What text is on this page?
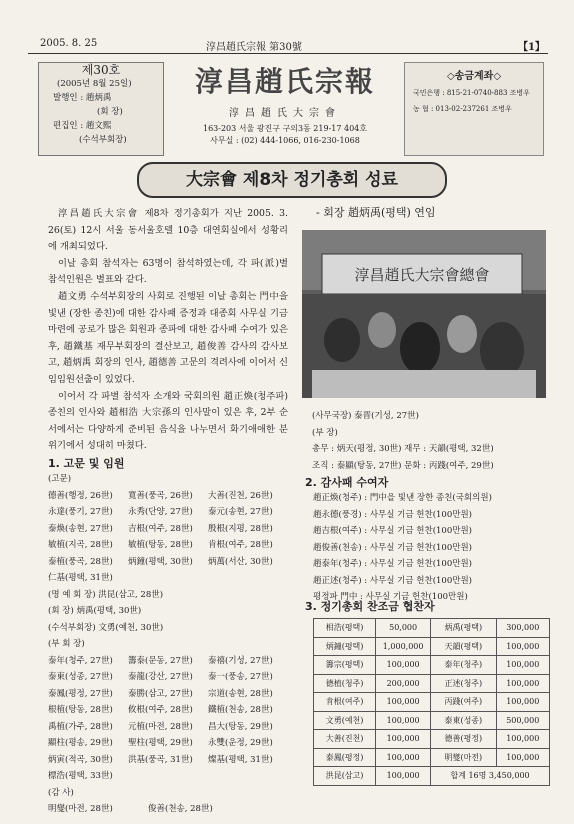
2005. 8. 25	淳昌趙氏宗報 第30號	【1】
제30호
(2005년 8월 25일)
발행인 : 趙炳禹
(회 장)
편집인 : 趙文熙
(수석부회장)
淳昌趙氏宗報
淳昌趙氏大宗會
163-203 서울 광진구 구의3동 219-17 404호
사무실 : (02) 444-1066, 016-230-1068
◇송금계좌◇
국민은행 : 815-21-0740-883 조병우
농 협 : 013-02-237261 조병우
大宗會 제8차 정기총회 성료

淳昌趙氏大宗會 제8차 정기총회가 지난 2005. 3. 26(토) 12시 서울 동서울호텔 10층 대연회실에서 성황리에 개최되었다.

이날 총회 참석자는 63명이 참석하였는데, 각 파(派)별 참석인원은 별표와 같다.

趙文勇 수석부회장의 사회로 진행된 이날 총회는 門中을 빛낸 (장한 종친)에 대한 감사패 증정과 대종회 사무실 기금 마련에 공로가 많은 회원과 종파에 대한 감사패 수여가 있은 후, 趙鐵基 재무부회장의 결산보고, 趙俊善 감사의 감사보고, 趙炳禹 회장의 인사, 趙德善 고문의 격려사에 이어서 신임임원선출이 있었다.

이어서 각 파별 참석자 소개와 국회의원 趙正煥(청주파) 종친의 인사와 趙相浩 大宗孫의 인사말이 있은 후, 2부 순서에서는 다양하게 준비된 음식을 나누면서 화기애애한 분위기에서 성대히 마쳤다.

- 회장 趙炳禹(평택) 연임
淳昌趙氏大宗會總會
(사무국장) 泰晋(기성, 27世)
(부 장)
총무 : 炳天(평정, 30世) 재무 : 天韻(평택, 32世)
조직 : 泰顯(탕동, 27世) 문화 : 丙踐(여주, 29世)
1. 고문 및 임원
(고문)
德善(행정, 26世)	寬善(풍곡, 26世)	大善(진천, 26世)
永達(풍기, 27世)	永秀(단양, 27世)	泰元(송현, 27世)
泰煥(송현, 27世)	吉根(여주, 28世)	殷根(지평, 28世)
敏植(지곡, 28世)	敏植(탕동, 28世)	肯根(여주, 28世)
泰植(풍곡, 28世)	炳鐘(평택, 30世)	炳萬(서산, 30世)
仁基(평택, 31世)
(명 예 회 장) 洪昆(삼고, 28世)
(회 장) 炳禹(평택, 30世)
(수석부회장) 文勇(예천, 30世)
(부 회 장)
泰年(청주, 27世)	籌泰(문동, 27世)	泰禧(기성, 27世)
泰東(성종, 27世)	泰龍(강산, 27世)	泰一(풍송, 27世)
泰鳳(평정, 27世)	泰勝(삼고, 27世)	宗道(송현, 28世)
根植(탕동, 28世)	攸根(여주, 28世)	鐵植(천송, 28世)
禹植(가주, 28世)	元植(마전, 28世)	昌大(탕동, 29世)
顯柱(평송, 29世)	聖柱(평택, 29世)	永雙(운정, 29世)
炳寅(적곡, 30世)	洪基(풍곡, 31世)	燦基(평택, 31世)
標浩(평택, 33世)
(감 사)
明燮(마전, 28世)	俊善(천송, 28世)
2. 감사패 수여자
趙正煥(청주) : 門中을 빛낸 장한 종친(국회의원)
趙永德(풍경) : 사무실 기금 헌찬(100만원)
趙吉根(여주) : 사무실 기금 헌찬(100만원)
趙俊善(천송) : 사무실 기금 헌찬(100만원)
趙泰年(청주) : 사무실 기금 헌찬(100만원)
趙正述(청주) : 사무실 기금 헌찬(100만원)
평정파 門中 : 사무실 기금 헌찬(100만원)
3. 정기총회 찬조금 협찬자
相浩(평택)	50,000	炳禹(평택)	300,000
炳鐘(평택)	1,000,000	天韻(평택)	100,000
籌宗(평택)	100,000	泰年(청주)	100,000
德植(청주)	200,000	正述(청주)	100,000
肯根(여주)	100,000	丙踐(여주)	100,000
文勇(예천)	100,000	泰東(성종)	500,000
大善(진천)	100,000	德善(평정)	100,000
泰鳳(평정)	100,000	明燮(마전)	100,000
洪昆(삼고)	100,000	합계 16명 3,450,000	
